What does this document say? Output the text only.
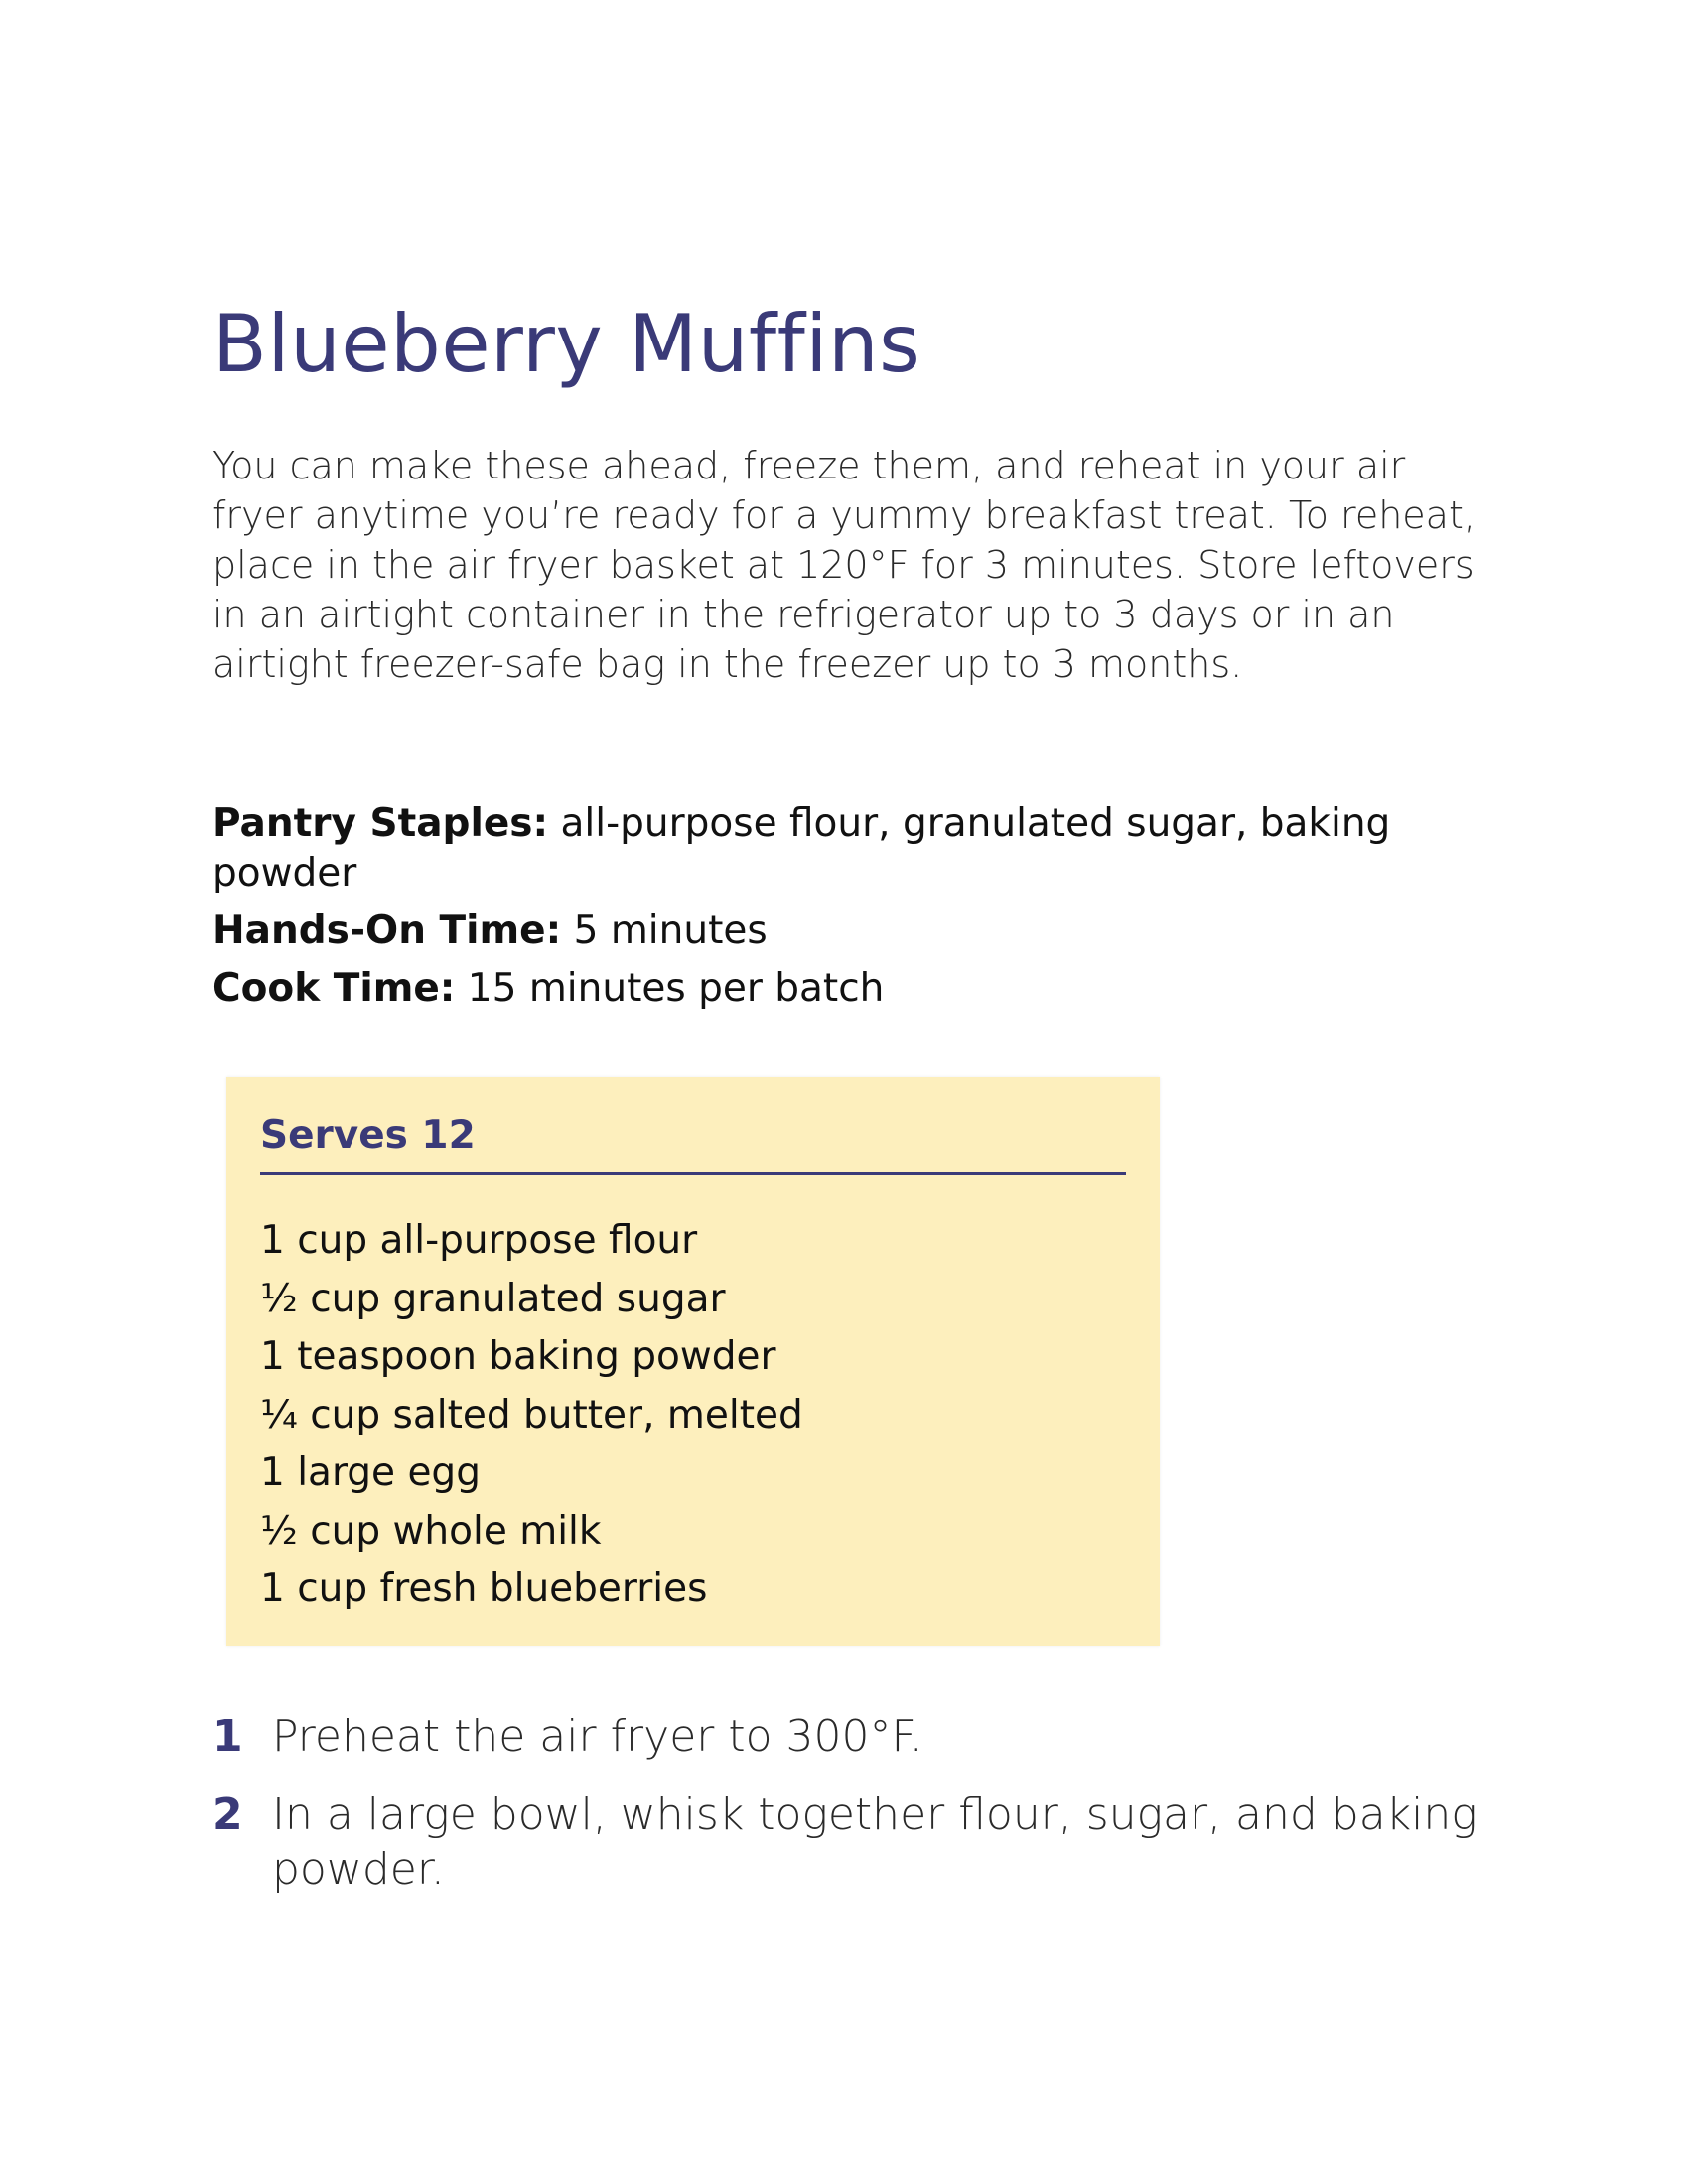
Blueberry Muffins

You can make these ahead, freeze them, and reheat in your air fryer anytime you’re ready for a yummy breakfast treat. To reheat, place in the air fryer basket at 120°F for 3 minutes. Store leftovers in an airtight container in the refrigerator up to 3 days or in an airtight freezer-safe bag in the freezer up to 3 months.

Pantry Staples: all-purpose flour, granulated sugar, baking powder
Hands-On Time: 5 minutes
Cook Time: 15 minutes per batch
1 Preheat the air fryer to 300°F.
2 In a large bowl, whisk together flour, sugar, and baking powder.
Serves 12
1 cup all-purpose flour
½ cup granulated sugar
1 teaspoon baking powder
¼ cup salted butter, melted
1 large egg
½ cup whole milk
1 cup fresh blueberries
